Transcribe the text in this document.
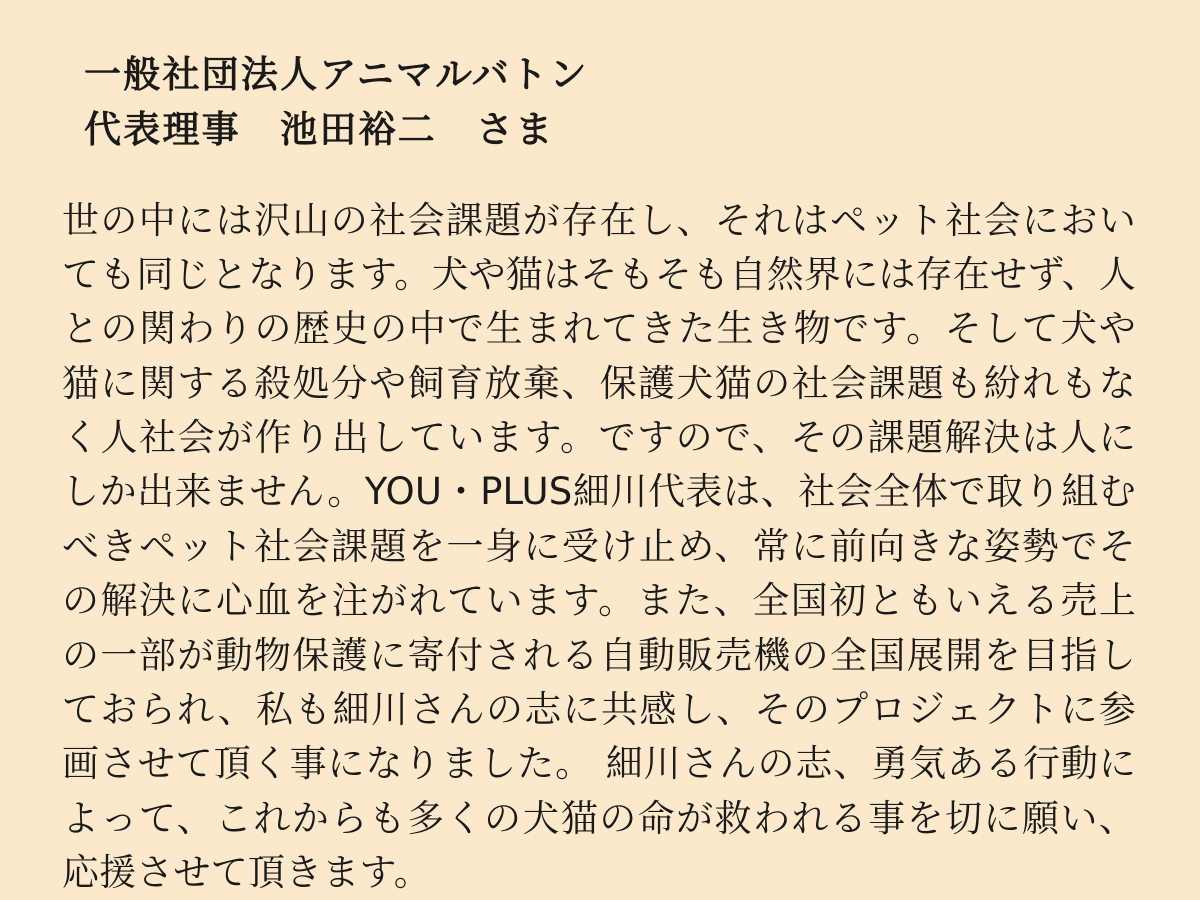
一般社団法人アニマルバトン
代表理事　池田裕二　さま
世の中には沢山の社会課題が存在し、それはペット社会においても同じとなります。犬や猫はそもそも自然界には存在せず、人との関わりの歴史の中で生まれてきた生き物です。そして犬や猫に関する殺処分や飼育放棄、保護犬猫の社会課題も紛れもなく人社会が作り出しています。ですので、その課題解決は人にしか出来ません。YOU・PLUS細川代表は、社会全体で取り組むべきペット社会課題を一身に受け止め、常に前向きな姿勢でその解決に心血を注がれています。また、全国初ともいえる売上の一部が動物保護に寄付される自動販売機の全国展開を目指しておられ、私も細川さんの志に共感し、そのプロジェクトに参画させて頂く事になりました。 細川さんの志、勇気ある行動によって、これからも多くの犬猫の命が救われる事を切に願い、応援させて頂きます。
